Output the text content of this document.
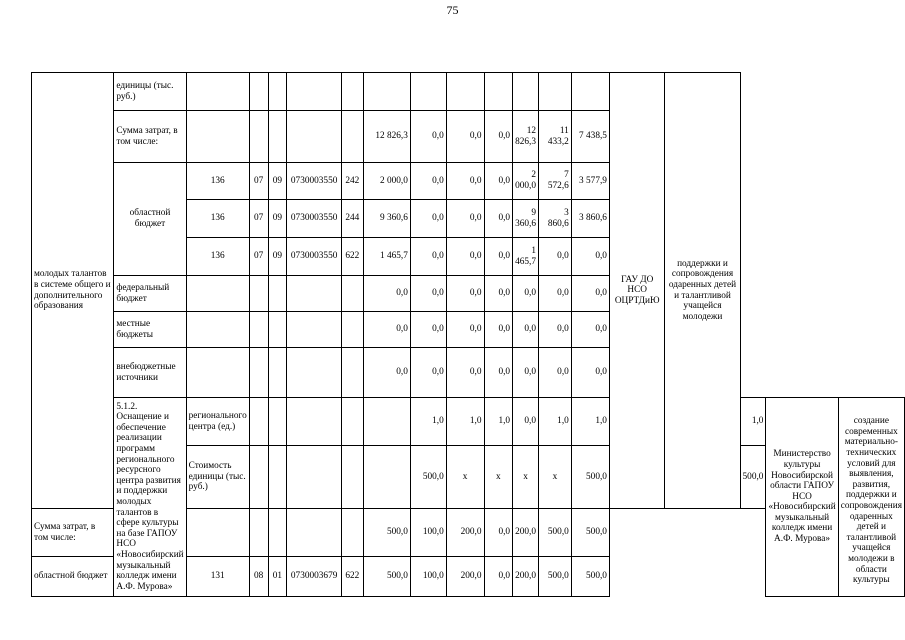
75
молодых талантов в системе общего и дополнительного образования	единицы (тыс. руб.)													ГАУ ДО НСО ОЦРТДиЮ	поддержки и сопровождения одаренных детей и талантливой учащейся молодежи			
	Сумма затрат, в том числе:						12 826,3	0,0	0,0	0,0	12 826,3	11 433,2	7 438,5					
	областной бюджет	136	07	09	0730003550	242	2 000,0	0,0	0,0	0,0	2 000,0	7 572,6	3 577,9					
		136	07	09	0730003550	244	9 360,6	0,0	0,0	0,0	9 360,6	3 860,6	3 860,6					
		136	07	09	0730003550	622	1 465,7	0,0	0,0	0,0	1 465,7	0,0	0,0					
	федеральный бюджет						0,0	0,0	0,0	0,0	0,0	0,0	0,0					
	местные бюджеты						0,0	0,0	0,0	0,0	0,0	0,0	0,0					
	внебюджетные источники						0,0	0,0	0,0	0,0	0,0	0,0	0,0					
	5.1.2. Оснащение и обеспечение реализации программ регионального ресурсного центра развития и поддержки молодых талантов в сфере культуры на базе ГАПОУ НСО «Новосибирский музыкальный колледж имени А.Ф. Мурова»	регионального центра (ед.)						1,0	1,0	1,0	0,0	1,0	1,0			1,0	Министерство культуры Новосибирской области ГАПОУ НСО «Новосибирский музыкальный колледж имени А.Ф. Мурова»	создание современных материально-технических условий для выявления, развития, поддержки и сопровождения одаренных детей и талантливой учащейся молодежи в области культуры
		Стоимость единицы (тыс. руб.)						500,0	x	x	x	x	500,0			500,0		
Сумма затрат, в том числе:							500,0	100,0	200,0	0,0	200,0	500,0	500,0					
областной бюджет		131	08	01	0730003679	622	500,0	100,0	200,0	0,0	200,0	500,0	500,0					
